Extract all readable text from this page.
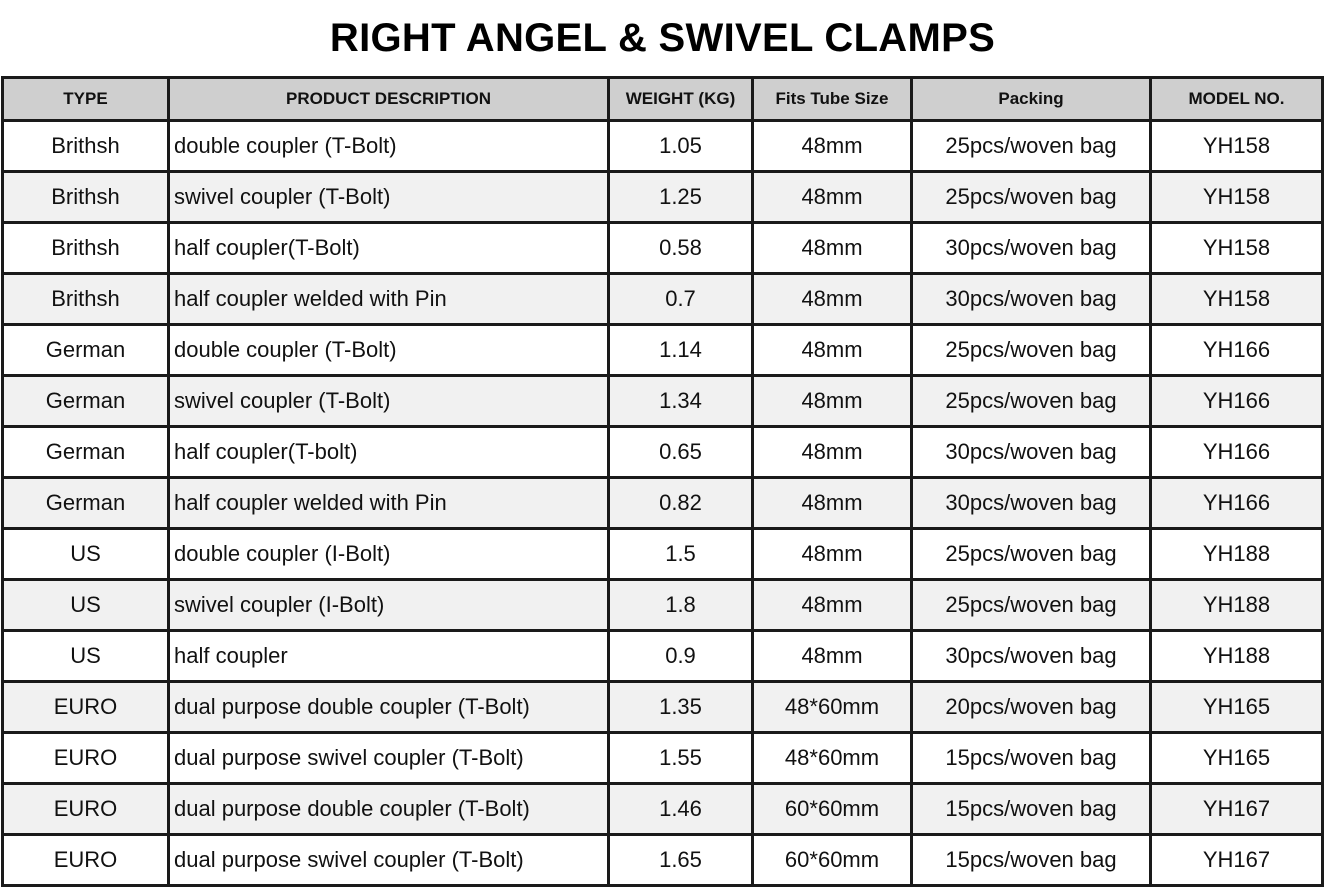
RIGHT ANGEL & SWIVEL CLAMPS
TYPE	PRODUCT DESCRIPTION	WEIGHT (KG)	Fits Tube Size	Packing	MODEL NO.
Brithsh	double coupler (T-Bolt)	1.05	48mm	25pcs/woven bag	YH158
Brithsh	swivel coupler (T-Bolt)	1.25	48mm	25pcs/woven bag	YH158
Brithsh	half coupler(T-Bolt)	0.58	48mm	30pcs/woven bag	YH158
Brithsh	half coupler welded with Pin	0.7	48mm	30pcs/woven bag	YH158
German	double coupler (T-Bolt)	1.14	48mm	25pcs/woven bag	YH166
German	swivel coupler (T-Bolt)	1.34	48mm	25pcs/woven bag	YH166
German	half coupler(T-bolt)	0.65	48mm	30pcs/woven bag	YH166
German	half coupler welded with Pin	0.82	48mm	30pcs/woven bag	YH166
US	double coupler (I-Bolt)	1.5	48mm	25pcs/woven bag	YH188
US	swivel coupler (I-Bolt)	1.8	48mm	25pcs/woven bag	YH188
US	half coupler	0.9	48mm	30pcs/woven bag	YH188
EURO	dual purpose double coupler (T-Bolt)	1.35	48*60mm	20pcs/woven bag	YH165
EURO	dual purpose swivel coupler (T-Bolt)	1.55	48*60mm	15pcs/woven bag	YH165
EURO	dual purpose double coupler (T-Bolt)	1.46	60*60mm	15pcs/woven bag	YH167
EURO	dual purpose swivel coupler (T-Bolt)	1.65	60*60mm	15pcs/woven bag	YH167
